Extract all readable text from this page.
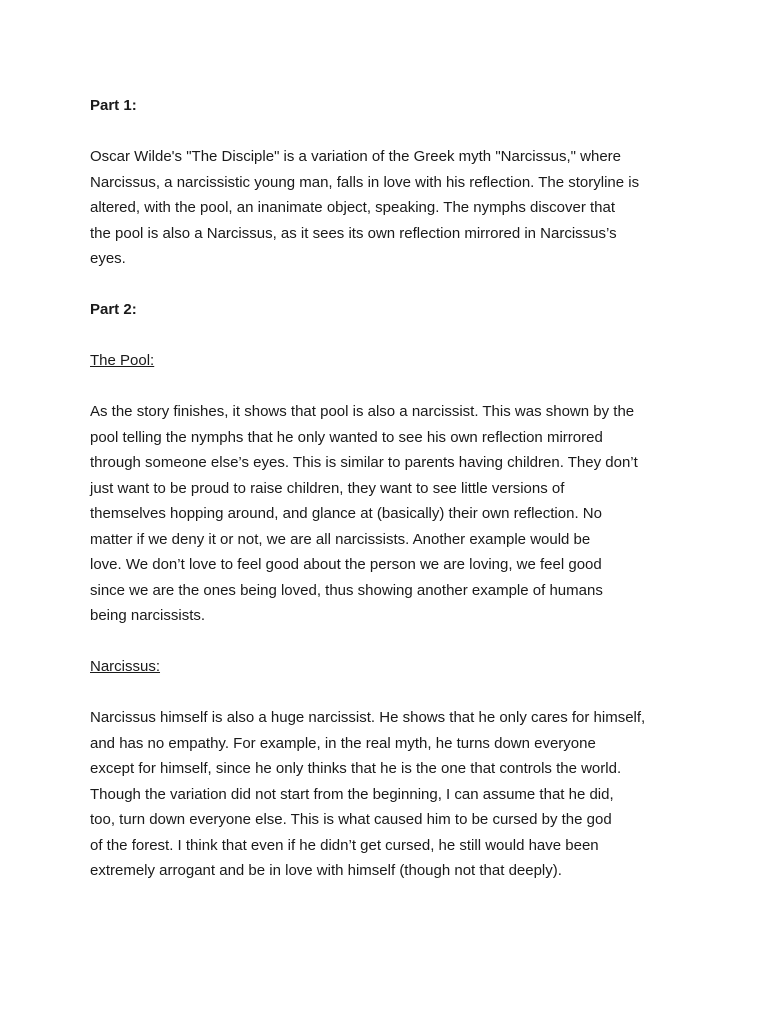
Part 1:

Oscar Wilde's "The Disciple" is a variation of the Greek myth "Narcissus," where
Narcissus, a narcissistic young man, falls in love with his reflection. The storyline is
altered, with the pool, an inanimate object, speaking. The nymphs discover that
the pool is also a Narcissus, as it sees its own reflection mirrored in Narcissus’s
eyes.

Part 2:

The Pool:

As the story finishes, it shows that pool is also a narcissist. This was shown by the
pool telling the nymphs that he only wanted to see his own reflection mirrored
through someone else’s eyes. This is similar to parents having children. They don’t
just want to be proud to raise children, they want to see little versions of
themselves hopping around, and glance at (basically) their own reflection. No
matter if we deny it or not, we are all narcissists. Another example would be
love. We don’t love to feel good about the person we are loving, we feel good
since we are the ones being loved, thus showing another example of humans
being narcissists.

Narcissus:

Narcissus himself is also a huge narcissist. He shows that he only cares for himself,
and has no empathy. For example, in the real myth, he turns down everyone
except for himself, since he only thinks that he is the one that controls the world.
Though the variation did not start from the beginning, I can assume that he did,
too, turn down everyone else. This is what caused him to be cursed by the god
of the forest. I think that even if he didn’t get cursed, he still would have been
extremely arrogant and be in love with himself (though not that deeply).
